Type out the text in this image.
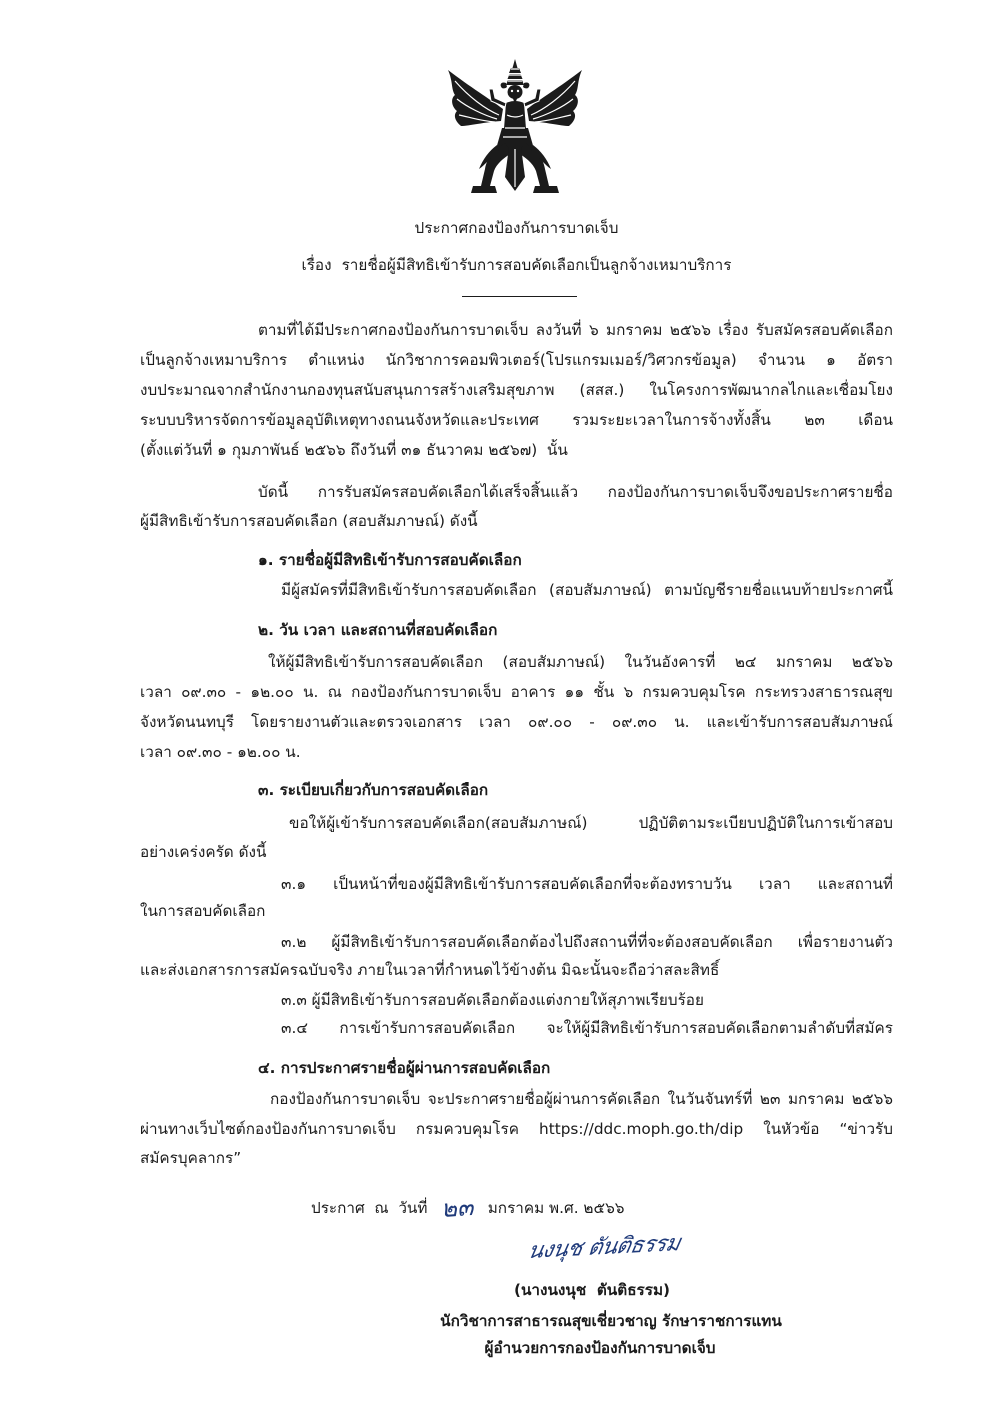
ประกาศกองป้องกันการบาดเจ็บ
เรื่อง รายชื่อผู้มีสิทธิเข้ารับการสอบคัดเลือกเป็นลูกจ้างเหมาบริการ
ตามที่ได้มีประกาศกองป้องกันการบาดเจ็บ ลงวันที่ ๖ มกราคม ๒๕๖๖ เรื่อง รับสมัครสอบคัดเลือก
เป็นลูกจ้างเหมาบริการ ตำแหน่ง นักวิชาการคอมพิวเตอร์(โปรแกรมเมอร์/วิศวกรข้อมูล) จำนวน ๑ อัตรา
งบประมาณจากสำนักงานกองทุนสนับสนุนการสร้างเสริมสุขภาพ (สสส.) ในโครงการพัฒนากลไกและเชื่อมโยง
ระบบบริหารจัดการข้อมูลอุบัติเหตุทางถนนจังหวัดและประเทศ รวมระยะเวลาในการจ้างทั้งสิ้น ๒๓ เดือน
(ตั้งแต่วันที่ ๑ กุมภาพันธ์ ๒๕๖๖ ถึงวันที่ ๓๑ ธันวาคม ๒๕๖๗)  นั้น
บัดนี้ การรับสมัครสอบคัดเลือกได้เสร็จสิ้นแล้ว กองป้องกันการบาดเจ็บจึงขอประกาศรายชื่อ
ผู้มีสิทธิเข้ารับการสอบคัดเลือก (สอบสัมภาษณ์) ดังนี้
๑. รายชื่อผู้มีสิทธิเข้ารับการสอบคัดเลือก
มีผู้สมัครที่มีสิทธิเข้ารับการสอบคัดเลือก (สอบสัมภาษณ์) ตามบัญชีรายชื่อแนบท้ายประกาศนี้
๒. วัน เวลา และสถานที่สอบคัดเลือก
ให้ผู้มีสิทธิเข้ารับการสอบคัดเลือก (สอบสัมภาษณ์) ในวันอังคารที่ ๒๔ มกราคม ๒๕๖๖
เวลา ๐๙.๓๐ - ๑๒.๐๐ น. ณ กองป้องกันการบาดเจ็บ อาคาร ๑๑ ชั้น ๖ กรมควบคุมโรค กระทรวงสาธารณสุข
จังหวัดนนทบุรี โดยรายงานตัวและตรวจเอกสาร เวลา ๐๙.๐๐ - ๐๙.๓๐ น. และเข้ารับการสอบสัมภาษณ์
เวลา ๐๙.๓๐ - ๑๒.๐๐ น.
๓. ระเบียบเกี่ยวกับการสอบคัดเลือก
ขอให้ผู้เข้ารับการสอบคัดเลือก(สอบสัมภาษณ์) ปฏิบัติตามระเบียบปฏิบัติในการเข้าสอบ
อย่างเคร่งครัด ดังนี้
๓.๑ เป็นหน้าที่ของผู้มีสิทธิเข้ารับการสอบคัดเลือกที่จะต้องทราบวัน เวลา และสถานที่
ในการสอบคัดเลือก
๓.๒ ผู้มีสิทธิเข้ารับการสอบคัดเลือกต้องไปถึงสถานที่ที่จะต้องสอบคัดเลือก เพื่อรายงานตัว
และส่งเอกสารการสมัครฉบับจริง ภายในเวลาที่กำหนดไว้ข้างต้น มิฉะนั้นจะถือว่าสละสิทธิ์
๓.๓ ผู้มีสิทธิเข้ารับการสอบคัดเลือกต้องแต่งกายให้สุภาพเรียบร้อย
๓.๔ การเข้ารับการสอบคัดเลือก จะให้ผู้มีสิทธิเข้ารับการสอบคัดเลือกตามลำดับที่สมัคร
๔. การประกาศรายชื่อผู้ผ่านการสอบคัดเลือก
กองป้องกันการบาดเจ็บ จะประกาศรายชื่อผู้ผ่านการคัดเลือก ในวันจันทร์ที่ ๒๓ มกราคม ๒๕๖๖
ผ่านทางเว็บไซต์กองป้องกันการบาดเจ็บ กรมควบคุมโรค https://ddc.moph.go.th/dip ในหัวข้อ “ข่าวรับ
สมัครบุคลากร”
ประกาศ  ณ  วันที่ ๒๓ มกราคม พ.ศ. ๒๕๖๖
นงนุช ตันติธรรม
(นางนงนุช  ตันติธรรม)
นักวิชาการสาธารณสุขเชี่ยวชาญ รักษาราชการแทน
ผู้อำนวยการกองป้องกันการบาดเจ็บ
